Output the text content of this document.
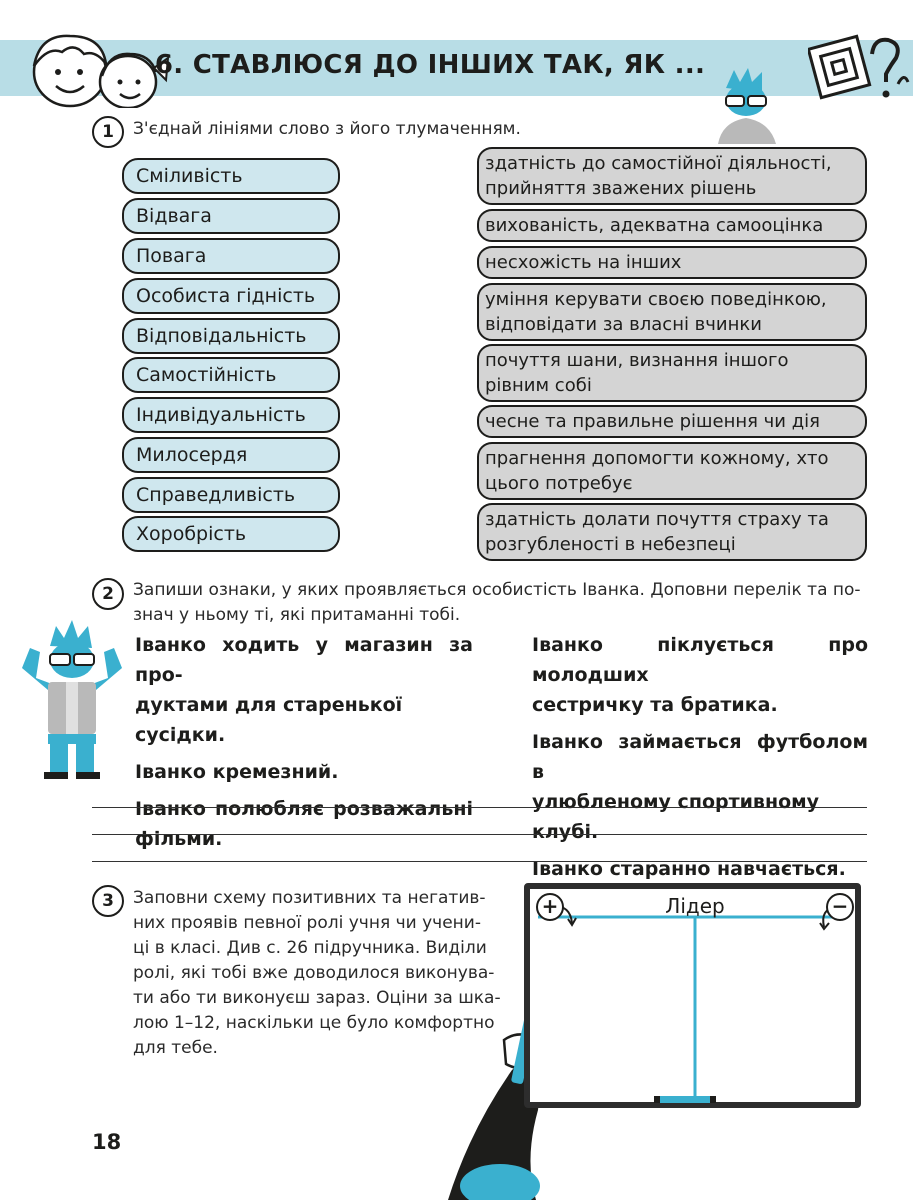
6. СТАВЛЮСЯ ДО ІНШИХ ТАК, ЯК ...
1	З'єднай лініями слово з його тлумаченням.
Сміливість
Відвага
Повага
Особиста гідність
Відповідальність
Самостійність
Індивідуальність
Милосердя
Справедливість
Хоробрість
здатність до самостійної діяльності,
прийняття зважених рішень
вихованість, адекватна самооцінка
несхожість на інших
уміння керувати своєю поведінкою,
відповідати за власні вчинки
почуття шани, визнання іншого
рівним собі
чесне та правильне рішення чи дія
прагнення допомогти кожному, хто
цього потребує
здатність долати почуття страху та
розгубленості в небезпеці
2	Запиши ознаки, у яких проявляється особистість Іванка. Доповни перелік та по-
знач у ньому ті, які притаманні тобі.
Іванко ходить у магазин за про-
дуктами для старенької сусідки.
Іванко кремезний.
Іванко полюбляє розважальні
фільми.
Іванко піклується про молодших
сестричку та братика.
Іванко займається футболом в
улюбленому спортивному клубі.
Іванко старанно навчається.
3	Заповни схему позитивних та негатив-
них проявів певної ролі учня чи учени-
ці в класі. Див с. 26 підручника. Виділи
ролі, які тобі вже доводилося виконува-
ти або ти виконуєш зараз. Оціни за шка-
лою 1–12, наскільки це було комфортно
для тебе.
+	−
Лідер
18
